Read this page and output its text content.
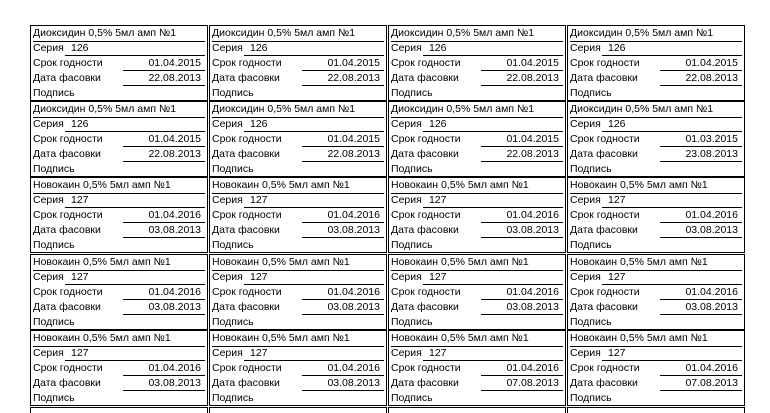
Диоксидин 0,5% 5мл амп №1
Серия 126
Срок годности	01.04.2015
Дата фасовки	22.08.2013
Подпись
Диоксидин 0,5% 5мл амп №1
Серия 126
Срок годности	01.04.2015
Дата фасовки	22.08.2013
Подпись
Диоксидин 0,5% 5мл амп №1
Серия 126
Срок годности	01.04.2015
Дата фасовки	22.08.2013
Подпись
Диоксидин 0,5% 5мл амп №1
Серия 126
Срок годности	01.04.2015
Дата фасовки	22.08.2013
Подпись
Диоксидин 0,5% 5мл амп №1
Серия 126
Срок годности	01.04.2015
Дата фасовки	22.08.2013
Подпись
Диоксидин 0,5% 5мл амп №1
Серия 126
Срок годности	01.04.2015
Дата фасовки	22.08.2013
Подпись
Диоксидин 0,5% 5мл амп №1
Серия 126
Срок годности	01.04.2015
Дата фасовки	22.08.2013
Подпись
Диоксидин 0,5% 5мл амп №1
Серия 126
Срок годности	01.03.2015
Дата фасовки	23.08.2013
Подпись
Новокаин 0,5% 5мл амп №1
Серия 127
Срок годности	01.04.2016
Дата фасовки	03.08.2013
Подпись
Новокаин 0,5% 5мл амп №1
Серия 127
Срок годности	01.04.2016
Дата фасовки	03.08.2013
Подпись
Новокаин 0,5% 5мл амп №1
Серия 127
Срок годности	01.04.2016
Дата фасовки	03.08.2013
Подпись
Новокаин 0,5% 5мл амп №1
Серия 127
Срок годности	01.04.2016
Дата фасовки	03.08.2013
Подпись
Новокаин 0,5% 5мл амп №1
Серия 127
Срок годности	01.04.2016
Дата фасовки	03.08.2013
Подпись
Новокаин 0,5% 5мл амп №1
Серия 127
Срок годности	01.04.2016
Дата фасовки	03.08.2013
Подпись
Новокаин 0,5% 5мл амп №1
Серия 127
Срок годности	01.04.2016
Дата фасовки	03.08.2013
Подпись
Новокаин 0,5% 5мл амп №1
Серия 127
Срок годности	01.04.2016
Дата фасовки	03.08.2013
Подпись
Новокаин 0,5% 5мл амп №1
Серия 127
Срок годности	01.04.2016
Дата фасовки	03.08.2013
Подпись
Новокаин 0,5% 5мл амп №1
Серия 127
Срок годности	01.04.2016
Дата фасовки	03.08.2013
Подпись
Новокаин 0,5% 5мл амп №1
Серия 127
Срок годности	01.04.2016
Дата фасовки	07.08.2013
Подпись
Новокаин 0,5% 5мл амп №1
Серия 127
Срок годности	01.04.2016
Дата фасовки	07.08.2013
Подпись
